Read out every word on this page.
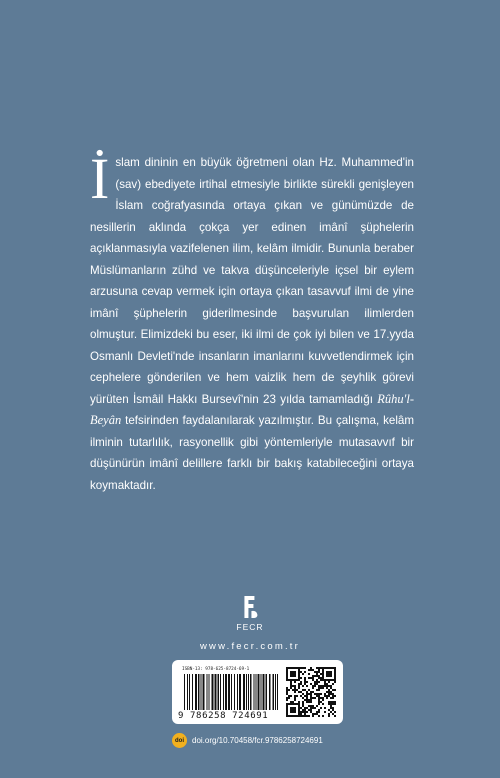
İslam dininin en büyük öğretmeni olan Hz. Muhammed'in (sav) ebediyete irtihal etmesiyle birlikte sürekli genişleyen İslam coğrafyasında ortaya çıkan ve günümüzde de nesillerin aklında çokça yer edinen imânî şüphelerin açıklanmasıyla vazifelenen ilim, kelâm ilmidir. Bununla beraber Müslümanların zühd ve takva düşünceleriyle içsel bir eylem arzusuna cevap vermek için ortaya çıkan tasavvuf ilmi de yine imânî şüphelerin giderilmesinde başvurulan ilimlerden olmuştur. Elimizdeki bu eser, iki ilmi de çok iyi bilen ve 17.yyda Osmanlı Devleti'nde insanların imanlarını kuvvetlendirmek için cephelere gönderilen ve hem vaizlik hem de şeyhlik görevi yürüten İsmâil Hakkı Bursevî'nin 23 yılda tamamladığı Rûhu'l-Beyân tefsirinden faydalanılarak yazılmıştır. Bu çalışma, kelâm ilminin tutarlılık, rasyonellik gibi yöntemleriyle mutasavvıf bir düşünürün imânî delillere farklı bir bakış katabileceğini ortaya koymaktadır.
FECR
www.fecr.com.tr
ISBN-13: 978-625-8724-69-1
9 786258 724691
doi	doi.org/10.70458/fcr.9786258724691
